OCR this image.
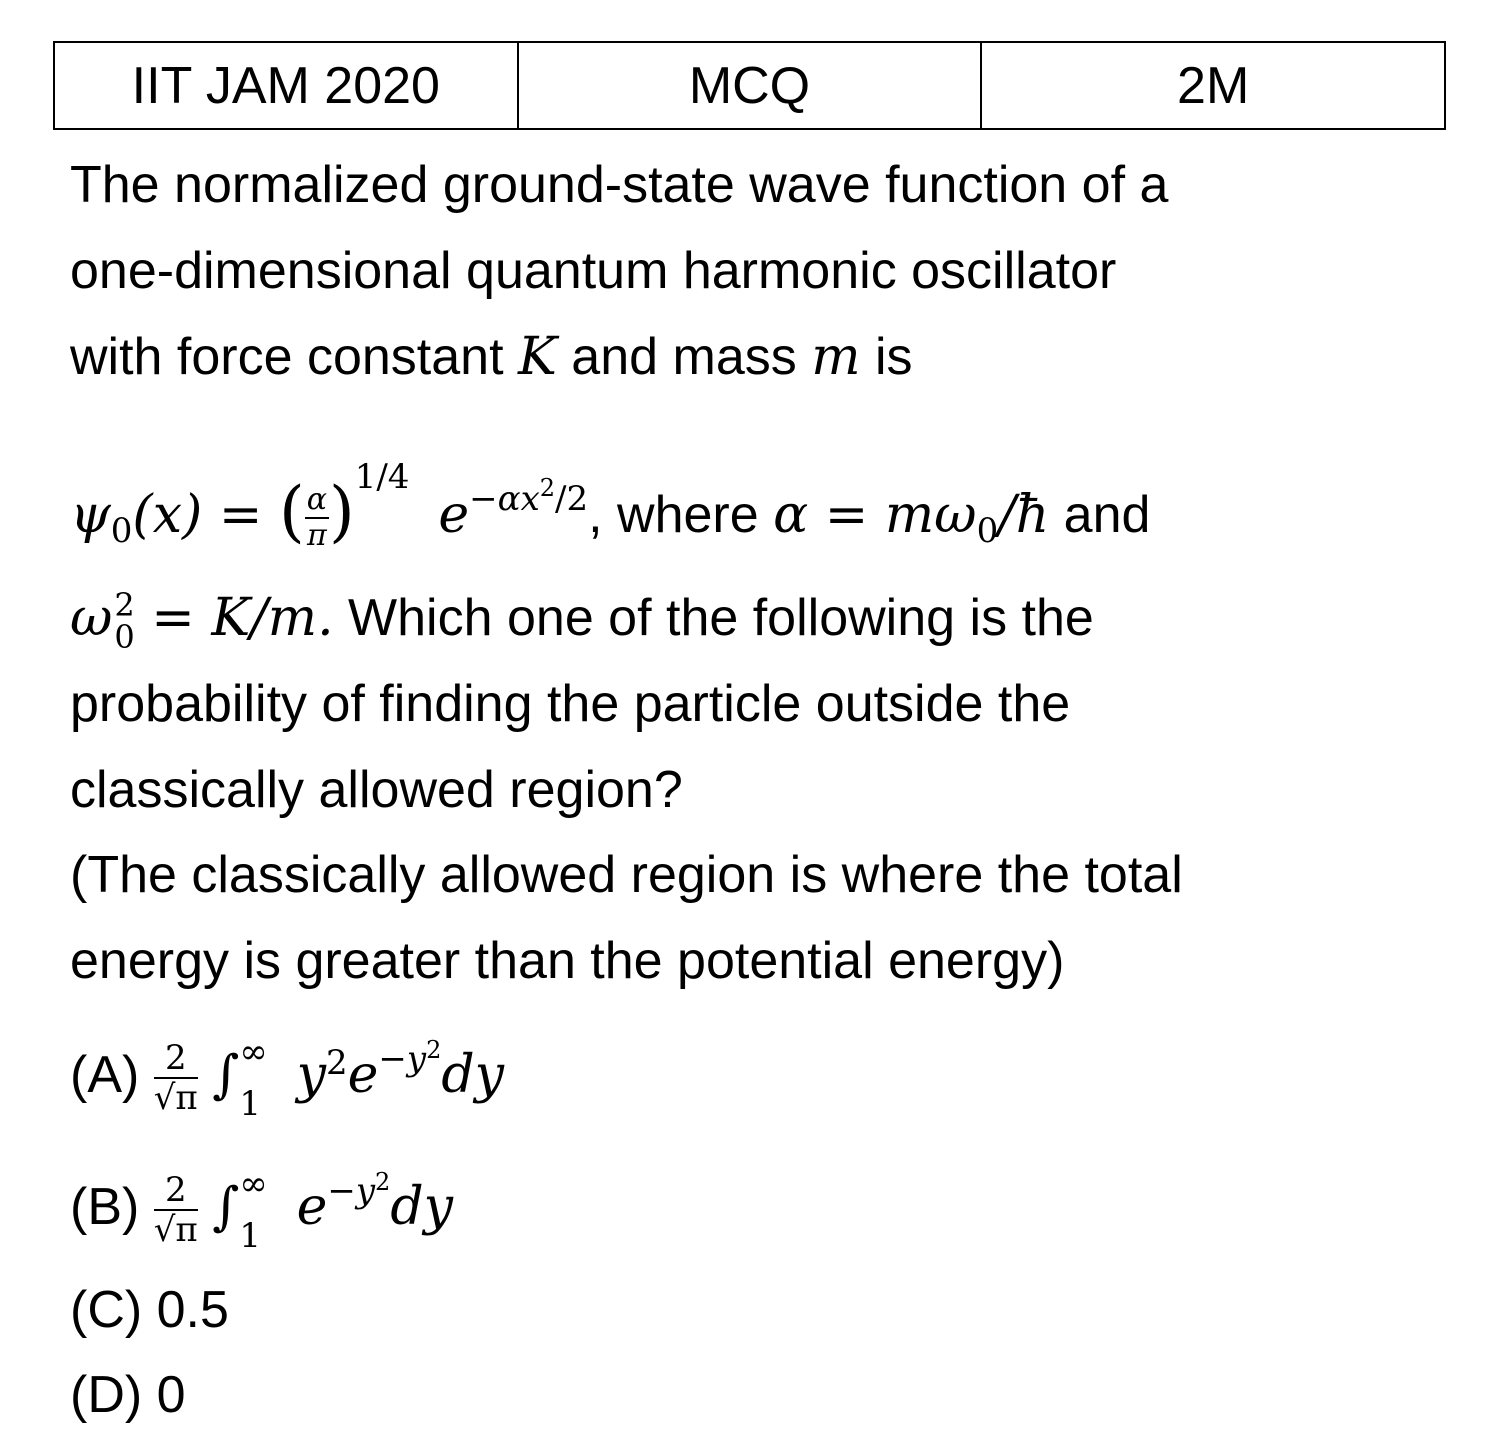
IIT JAM 2020	MCQ	2M
The normalized ground-state wave function of a
one-dimensional quantum harmonic oscillator
with force constant K and mass m is
ψ0(x) = ( $\frac{\alpha}{\pi} )^{1/4}$  $e^{-\alpha x2/2}$, where α = mω0/ħ and
ω 2
0 = K/m. Which one of the following is the
probability of finding the particle outside the
classically allowed region?
(The classically allowed region is where the total
energy is greater than the potential energy)
$(A) \frac{2}{√\pi}$ ∫ ∞
1 $y^2e^{-y2}dy$
$(B) \frac{2}{√\pi}$ ∫ ∞
1 $e^{-y2}dy$
(C) 0.5
(D) 0
